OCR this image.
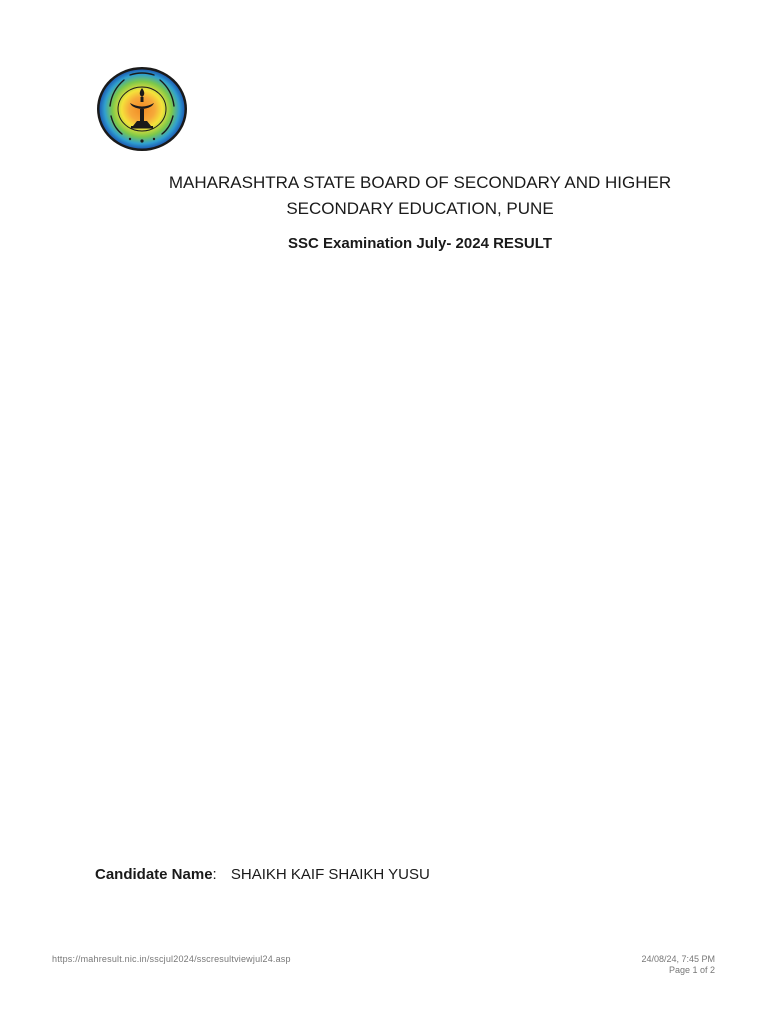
MAHARASHTRA STATE BOARD OF SECONDARY AND HIGHER
SECONDARY EDUCATION, PUNE
SSC Examination July- 2024 RESULT
Candidate Name: SHAIKH KAIF SHAIKH YUSU
https://mahresult.nic.in/sscjul2024/sscresultviewjul24.asp	24/08/24, 7:45 PM
Page 1 of 2
